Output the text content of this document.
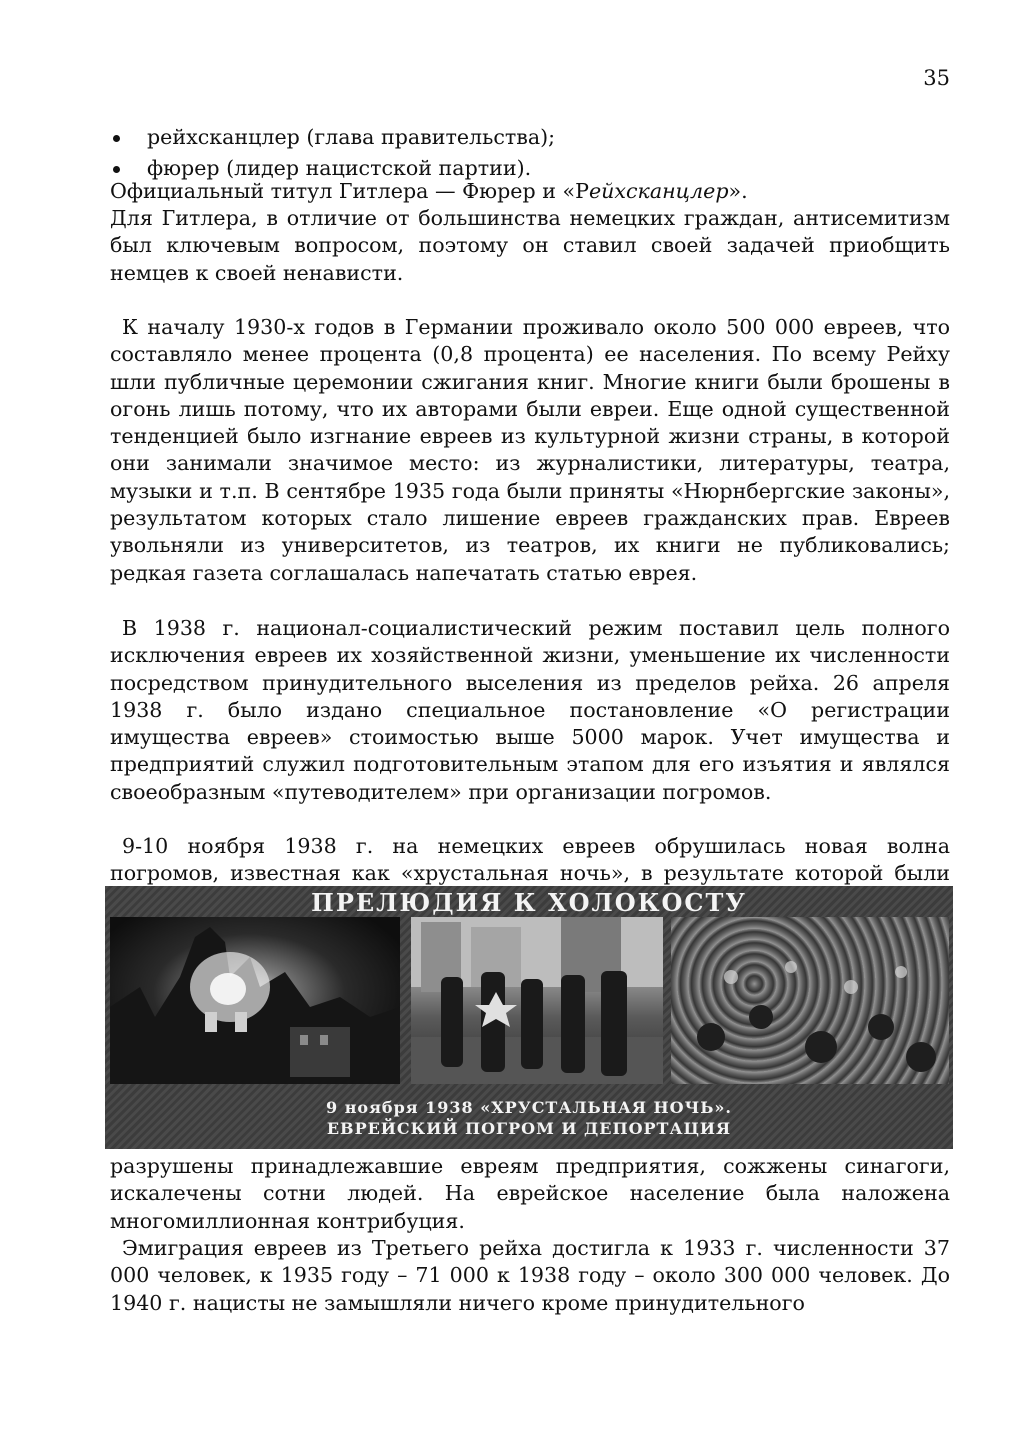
35
рейхсканцлер (глава правительства);
фюрер (лидер нацистской партии).

Официальный титул Гитлера — Фюрер и «Рейхсканцлер».

Для Гитлера, в отличие от большинства немецких граждан, антисемитизм был ключевым вопросом, поэтому он ставил своей задачей приобщить немцев к своей ненависти.

К началу 1930-х годов в Германии проживало около 500 000 евреев, что составляло менее процента (0,8 процента) ее населения. По всему Рейху шли публичные церемонии сжигания книг. Многие книги были брошены в огонь лишь потому, что их авторами были евреи. Еще одной существенной тенденцией было изгнание евреев из культурной жизни страны, в которой они занимали значимое место: из журналистики, литературы, театра, музыки и т.п. В сентябре 1935 года были приняты «Нюрнбергские законы», результатом которых стало лишение евреев гражданских прав. Евреев увольняли из университетов, из театров, их книги не публиковались; редкая газета соглашалась напечатать статью еврея.

В 1938 г. национал-социалистический режим поставил цель полного исключения евреев их хозяйственной жизни, уменьшение их численности посредством принудительного выселения из пределов рейха. 26 апреля 1938 г. было издано специальное постановление «О регистрации имущества евреев» стоимостью выше 5000 марок. Учет имущества и предприятий служил подготовительным этапом для его изъятия и являлся своеобразным «путеводителем» при организации погромов.

9-10 ноября 1938 г. на немецких евреев обрушилась новая волна погромов, известная как «хрустальная ночь», в результате которой были

ПРЕЛЮДИЯ К ХОЛОКОСТУ
9 ноября 1938 «ХРУСТАЛЬНАЯ НОЧЬ».
ЕВРЕЙСКИЙ ПОГРОМ И ДЕПОРТАЦИЯ

разрушены принадлежавшие евреям предприятия, сожжены синагоги, искалечены сотни людей. На еврейское население была наложена многомиллионная контрибуция.

Эмиграция евреев из Третьего рейха достигла к 1933 г. численности 37 000 человек, к 1935 году – 71 000 к 1938 году – около 300 000 человек. До 1940 г. нацисты не замышляли ничего кроме принудительного
